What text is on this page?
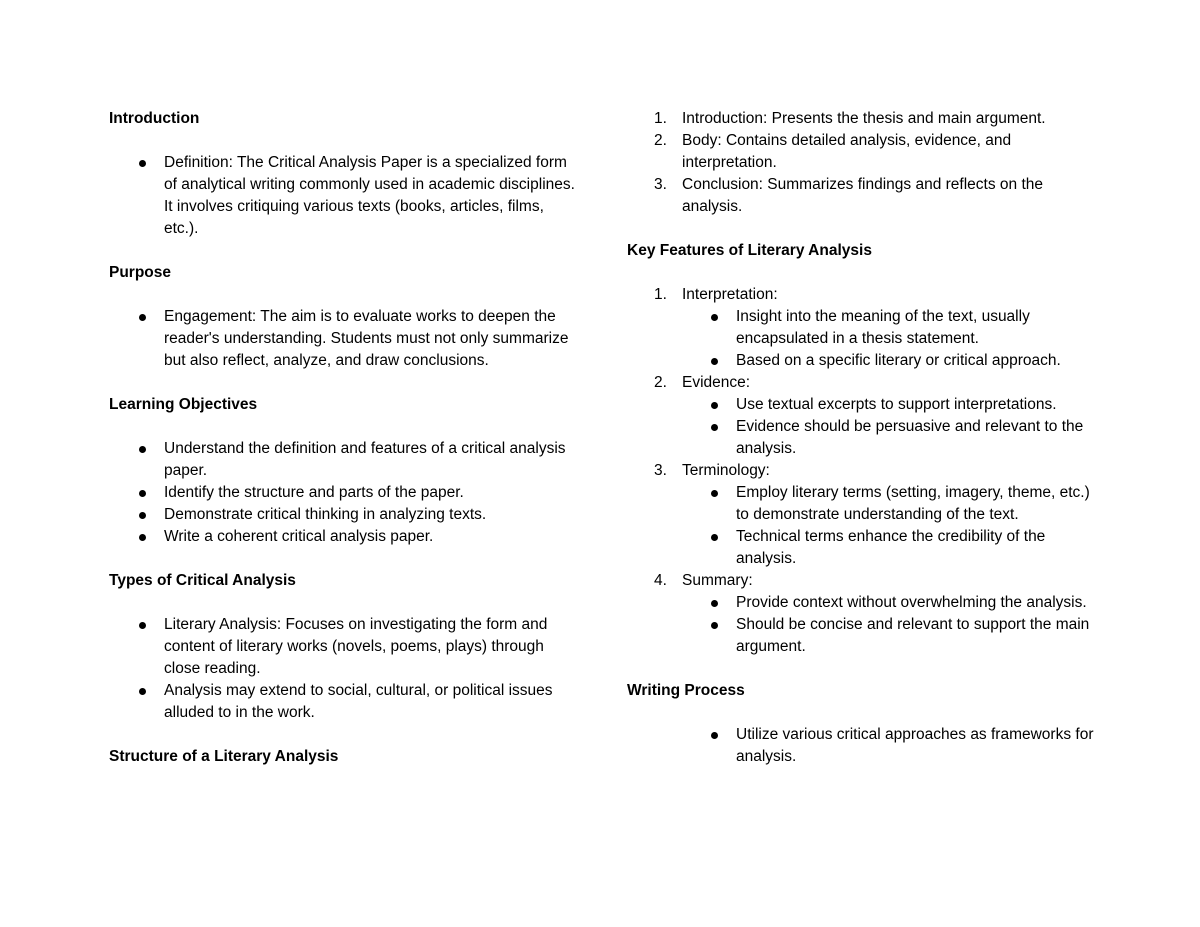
Introduction
Definition: The Critical Analysis Paper is a specialized form of analytical writing commonly used in academic disciplines. It involves critiquing various texts (books, articles, films, etc.).
Purpose
Engagement: The aim is to evaluate works to deepen the reader's understanding. Students must not only summarize but also reflect, analyze, and draw conclusions.
Learning Objectives
Understand the definition and features of a critical analysis paper.
Identify the structure and parts of the paper.
Demonstrate critical thinking in analyzing texts.
Write a coherent critical analysis paper.
Types of Critical Analysis
Literary Analysis: Focuses on investigating the form and content of literary works (novels, poems, plays) through close reading.
Analysis may extend to social, cultural, or political issues alluded to in the work.
Structure of a Literary Analysis
1. Introduction: Presents the thesis and main argument.
2. Body: Contains detailed analysis, evidence, and interpretation.
3. Conclusion: Summarizes findings and reflects on the analysis.
Key Features of Literary Analysis
1. Interpretation:
Insight into the meaning of the text, usually encapsulated in a thesis statement.
Based on a specific literary or critical approach.
2. Evidence:
Use textual excerpts to support interpretations.
Evidence should be persuasive and relevant to the analysis.
3. Terminology:
Employ literary terms (setting, imagery, theme, etc.) to demonstrate understanding of the text.
Technical terms enhance the credibility of the analysis.
4. Summary:
Provide context without overwhelming the analysis.
Should be concise and relevant to support the main argument.
Writing Process
Utilize various critical approaches as frameworks for analysis.
